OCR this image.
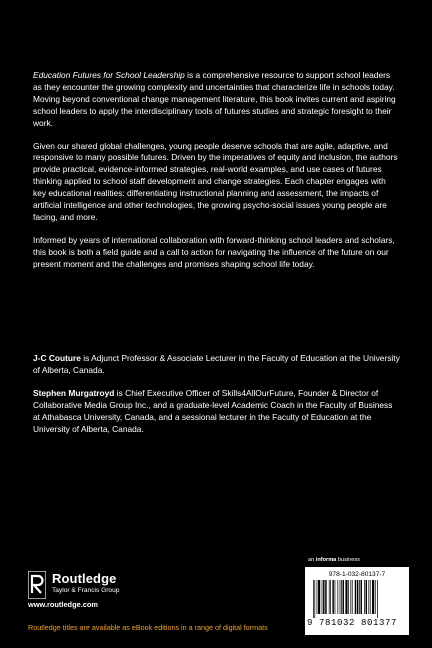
Education Futures for School Leadership is a comprehensive resource to support school leaders as they encounter the growing complexity and uncertainties that characterize life in schools today. Moving beyond conventional change management literature, this book invites current and aspiring school leaders to apply the interdisciplinary tools of futures studies and strategic foresight to their work.

Given our shared global challenges, young people deserve schools that are agile, adaptive, and responsive to many possible futures. Driven by the imperatives of equity and inclusion, the authors provide practical, evidence-informed strategies, real-world examples, and use cases of futures thinking applied to school staff development and change strategies. Each chapter engages with key educational realities: differentiating instructional planning and assessment, the impacts of artificial intelligence and other technologies, the growing psycho-social issues young people are facing, and more.

Informed by years of international collaboration with forward-thinking school leaders and scholars, this book is both a field guide and a call to action for navigating the influence of the future on our present moment and the challenges and promises shaping school life today.

J-C Couture is Adjunct Professor & Associate Lecturer in the Faculty of Education at the University of Alberta, Canada.

Stephen Murgatroyd is Chief Executive Officer of Skills4AllOurFuture, Founder & Director of Collaborative Media Group Inc., and a graduate-level Academic Coach in the Faculty of Business at Athabasca University, Canada, and a sessional lecturer in the Faculty of Education at the University of Alberta, Canada.

Routledge
Taylor & Francis Group
www.routledge.com
Routledge titles are available as eBook editions in a range of digital formats
an informa business
978-1-032-80137-7
9 781032 801377
